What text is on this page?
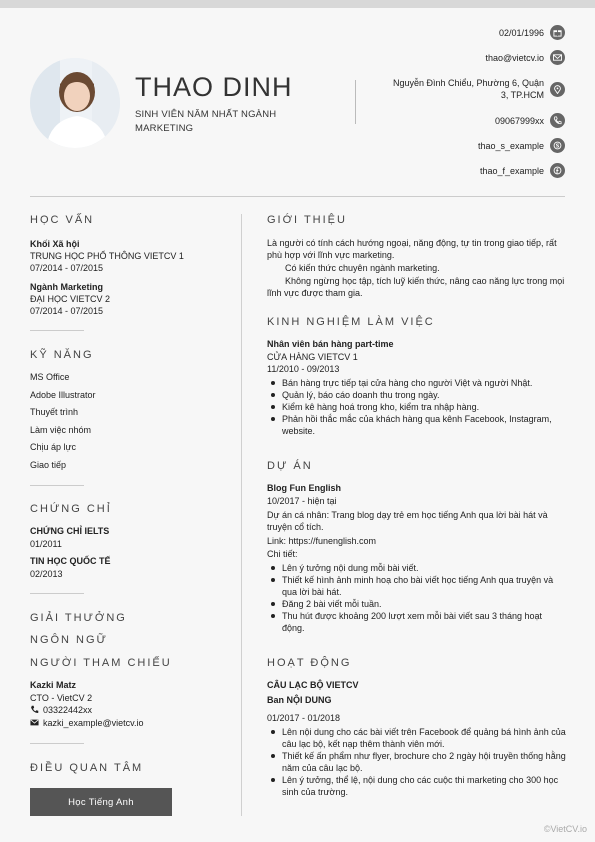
THAO DINH
SINH VIÊN NĂM NHẤT NGÀNH MARKETING
02/01/1996
thao@vietcv.io
Nguyễn Đình Chiểu, Phường 6, Quận 3, TP.HCM
09067999xx
thao_s_example
thao_f_example
HỌC VẤN
Khối Xã hội
TRUNG HỌC PHỔ THÔNG VIETCV 1
07/2014 - 07/2015
Ngành Marketing
ĐẠI HỌC VIETCV 2
07/2014 - 07/2015
KỸ NĂNG
MS Office
Adobe Illustrator
Thuyết trình
Làm việc nhóm
Chịu áp lực
Giao tiếp
CHỨNG CHỈ
CHỨNG CHỈ IELTS
01/2011
TIN HỌC QUỐC TẾ
02/2013
GIẢI THƯỞNG
NGÔN NGỮ
NGƯỜI THAM CHIẾU
Kazki Matz
CTO - VietCV 2
03322442xx
kazki_example@vietcv.io
ĐIỀU QUAN TÂM
Học Tiếng Anh
GIỚI THIỆU
Là người có tính cách hướng ngoại, năng động, tự tin trong giao tiếp, rất phù hợp với lĩnh vực marketing.
Có kiến thức chuyên ngành marketing.
Không ngừng học tập, tích luỹ kiến thức, nâng cao năng lực trong mọi lĩnh vực được tham gia.
KINH NGHIỆM LÀM VIỆC
Nhân viên bán hàng part-time
CỬA HÀNG VIETCV 1
11/2010 - 09/2013
Bán hàng trực tiếp tại cửa hàng cho người Việt và người Nhật.
Quản lý, báo cáo doanh thu trong ngày.
Kiểm kê hàng hoá trong kho, kiểm tra nhập hàng.
Phản hồi thắc mắc của khách hàng qua kênh Facebook, Instagram, website.
DỰ ÁN
Blog Fun English
10/2017 - hiện tại
Dự án cá nhân: Trang blog dạy trẻ em học tiếng Anh qua lời bài hát và truyện cổ tích.
Link: https://funenglish.com
Chi tiết:
Lên ý tưởng nội dung mỗi bài viết.
Thiết kế hình ảnh minh hoạ cho bài viết học tiếng Anh qua truyện và qua lời bài hát.
Đăng 2 bài viết mỗi tuần.
Thu hút được khoảng 200 lượt xem mỗi bài viết sau 3 tháng hoạt động.
HOẠT ĐỘNG
CÂU LẠC BỘ VIETCV
Ban NỘI DUNG
01/2017 - 01/2018
Lên nội dung cho các bài viết trên Facebook để quảng bá hình ảnh của câu lạc bộ, kết nạp thêm thành viên mới.
Thiết kế ấn phẩm như flyer, brochure cho 2 ngày hội truyền thống hằng năm của câu lạc bộ.
Lên ý tưởng, thể lệ, nội dung cho các cuộc thi marketing cho 300 học sinh của trường.
©VietCV.io
